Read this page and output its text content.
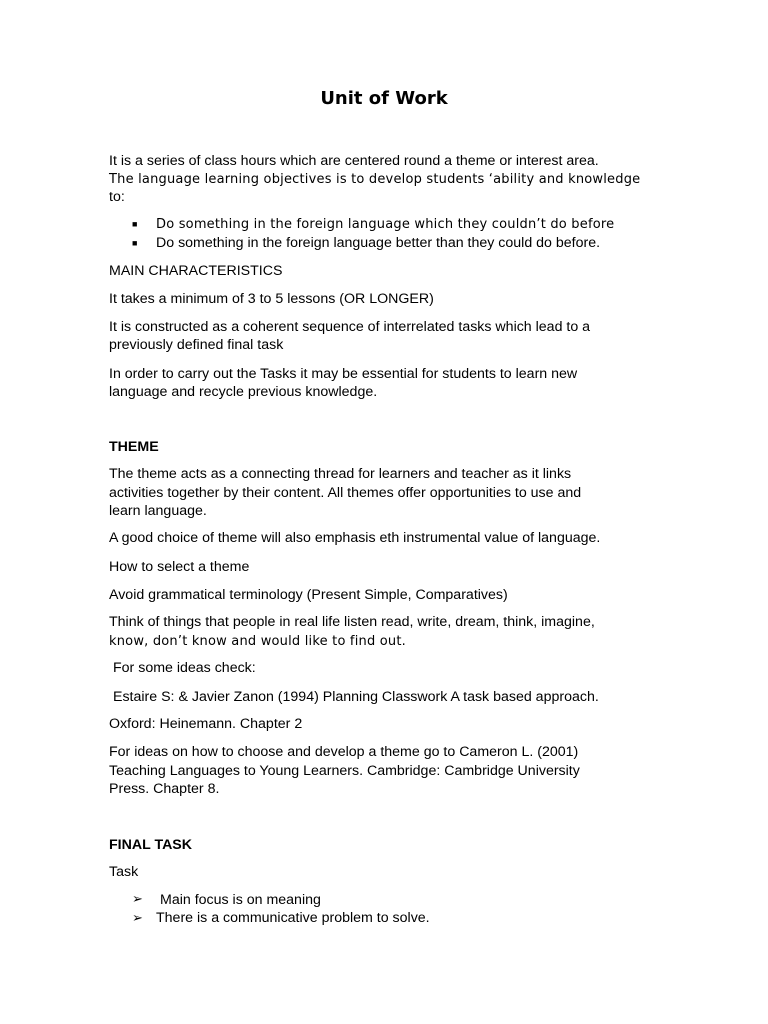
Unit of Work
It is a series of class hours which are centered round a theme or interest area.
The language learning objectives is to develop students ‘ability and knowledge
to:
■ Do something in the foreign language which they couldn’t do before
■ Do something in the foreign language better than they could do before.
MAIN CHARACTERISTICS
It takes a minimum of 3 to 5 lessons (OR LONGER)
It is constructed as a coherent sequence of interrelated tasks which lead to a
previously defined final task
In order to carry out the Tasks it may be essential for students to learn new
language and recycle previous knowledge.
THEME
The theme acts as a connecting thread for learners and teacher as it links
activities together by their content. All themes offer opportunities to use and
learn language.
A good choice of theme will also emphasis eth instrumental value of language.
How to select a theme
Avoid grammatical terminology (Present Simple, Comparatives)
Think of things that people in real life listen read, write, dream, think, imagine,
know, don’t know and would like to find out.
For some ideas check:
Estaire S: & Javier Zanon (1994) Planning Classwork A task based approach.
Oxford: Heinemann. Chapter 2
For ideas on how to choose and develop a theme go to Cameron L. (2001)
Teaching Languages to Young Learners. Cambridge: Cambridge University
Press. Chapter 8.
FINAL TASK
Task
➢ Main focus is on meaning
➢ There is a communicative problem to solve.
